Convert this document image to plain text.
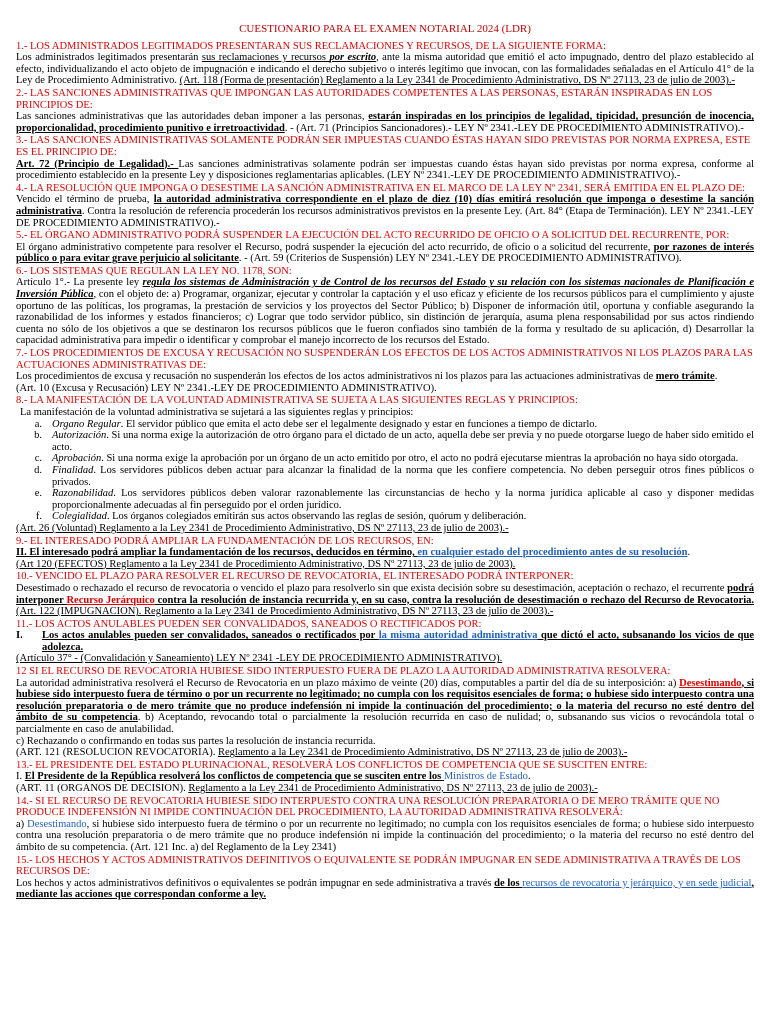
CUESTIONARIO PARA EL EXAMEN NOTARIAL 2024 (LDR)

1.- LOS ADMINISTRADOS LEGITIMADOS PRESENTARAN SUS RECLAMACIONES Y RECURSOS, DE LA SIGUIENTE FORMA:

Los administrados legitimados presentarán sus reclamaciones y recursos por escrito, ante la misma autoridad que emitió el acto impugnado, dentro del plazo establecido al efecto, individualizando el acto objeto de impugnación e indicando el derecho subjetivo o interés legítimo que invocan, con las formalidades señaladas en el Artículo 41° de la Ley de Procedimiento Administrativo. (Art. 118 (Forma de presentación) Reglamento a la Ley 2341 de Procedimiento Administrativo, DS Nº 27113, 23 de julio de 2003).-

2.- LAS SANCIONES ADMINISTRATIVAS QUE IMPONGAN LAS AUTORIDADES COMPETENTES A LAS PERSONAS, ESTARÁN INSPIRADAS EN LOS PRINCIPIOS DE:

Las sanciones administrativas que las autoridades deban imponer a las personas, estarán inspiradas en los principios de legalidad, tipicidad, presunción de inocencia, proporcionalidad, procedimiento punitivo e irretroactividad. - (Art. 71 (Principios Sancionadores).- LEY Nº 2341.-LEY DE PROCEDIMIENTO ADMINISTRATIVO).-

3.- LAS SANCIONES ADMINISTRATIVAS SOLAMENTE PODRÁN SER IMPUESTAS CUANDO ÉSTAS HAYAN SIDO PREVISTAS POR NORMA EXPRESA, ESTE ES EL PRINCIPIO DE:

Art. 72 (Principio de Legalidad).- Las sanciones administrativas solamente podrán ser impuestas cuando éstas hayan sido previstas por norma expresa, conforme al procedimiento establecido en la presente Ley y disposiciones reglamentarias aplicables. (LEY Nº 2341.-LEY DE PROCEDIMIENTO ADMINISTRATIVO).-

4.- LA RESOLUCIÓN QUE IMPONGA O DESESTIME LA SANCIÓN ADMINISTRATIVA EN EL MARCO DE LA LEY Nº 2341, SERÁ EMITIDA EN EL PLAZO DE:

Vencido el término de prueba, la autoridad administrativa correspondiente en el plazo de diez (10) días emitirá resolución que imponga o desestime la sanción administrativa. Contra la resolución de referencia procederán los recursos administrativos previstos en la presente Ley. (Art. 84° (Etapa de Terminación). LEY Nº 2341.-LEY DE PROCEDIMIENTO ADMINISTRATIVO).-

5.- EL ÓRGANO ADMINISTRATIVO PODRÁ SUSPENDER LA EJECUCIÓN DEL ACTO RECURRIDO DE OFICIO O A SOLICITUD DEL RECURRENTE, POR:

El órgano administrativo competente para resolver el Recurso, podrá suspender la ejecución del acto recurrido, de oficio o a solicitud del recurrente, por razones de interés público o para evitar grave perjuicio al solicitante. - (Art. 59 (Criterios de Suspensión) LEY Nº 2341.-LEY DE PROCEDIMIENTO ADMINISTRATIVO).

6.- LOS SISTEMAS QUE REGULAN LA LEY NO. 1178, SON:

Artículo 1°.- La presente ley regula los sistemas de Administración y de Control de los recursos del Estado y su relación con los sistemas nacionales de Planificación e Inversión Pública, con el objeto de: a) Programar, organizar, ejecutar y controlar la captación y el uso eficaz y eficiente de los recursos públicos para el cumplimiento y ajuste oportuno de las políticas, los programas, la prestación de servicios y los proyectos del Sector Público; b) Disponer de información útil, oportuna y confiable asegurando la razonabilidad de los informes y estados financieros; c) Lograr que todo servidor público, sin distinción de jerarquía, asuma plena responsabilidad por sus actos rindiendo cuenta no sólo de los objetivos a que se destinaron los recursos públicos que le fueron confiados sino también de la forma y resultado de su aplicación, d) Desarrollar la capacidad administrativa para impedir o identificar y comprobar el manejo incorrecto de los recursos del Estado.

7.- LOS PROCEDIMIENTOS DE EXCUSA Y RECUSACIÓN NO SUSPENDERÁN LOS EFECTOS DE LOS ACTOS ADMINISTRATIVOS NI LOS PLAZOS PARA LAS ACTUACIONES ADMINISTRATIVAS DE:

Los procedimientos de excusa y recusación no suspenderán los efectos de los actos administrativos ni los plazos para las actuaciones administrativas de mero trámite.

(Art. 10 (Excusa y Recusación) LEY Nº 2341.-LEY DE PROCEDIMIENTO ADMINISTRATIVO).

8.- LA MANIFESTACIÓN DE LA VOLUNTAD ADMINISTRATIVA SE SUJETA A LAS SIGUIENTES REGLAS Y PRINCIPIOS:

La manifestación de la voluntad administrativa se sujetará a las siguientes reglas y principios:

a. Organo Regular. El servidor público que emita el acto debe ser el legalmente designado y estar en funciones a tiempo de dictarlo.
b. Autorización. Si una norma exige la autorización de otro órgano para el dictado de un acto, aquella debe ser previa y no puede otorgarse luego de haber sido emitido el acto.
c. Aprobación. Si una norma exige la aprobación por un órgano de un acto emitido por otro, el acto no podrá ejecutarse mientras la aprobación no haya sido otorgada.
d. Finalidad. Los servidores públicos deben actuar para alcanzar la finalidad de la norma que les confiere competencia. No deben perseguir otros fines públicos o privados.
e. Razonabilidad. Los servidores públicos deben valorar razonablemente las circunstancias de hecho y la norma jurídica aplicable al caso y disponer medidas proporcionalmente adecuadas al fin perseguido por el orden jurídico.
f. Colegialidad. Los órganos colegiados emitirán sus actos observando las reglas de sesión, quórum y deliberación.

(Art. 26 (Voluntad) Reglamento a la Ley 2341 de Procedimiento Administrativo, DS Nº 27113, 23 de julio de 2003).-

9.- EL INTERESADO PODRÁ AMPLIAR LA FUNDAMENTACIÓN DE LOS RECURSOS, EN:

II. El interesado podrá ampliar la fundamentación de los recursos, deducidos en término, en cualquier estado del procedimiento antes de su resolución.

(Art 120 (EFECTOS) Reglamento a la Ley 2341 de Procedimiento Administrativo, DS Nº 27113, 23 de julio de 2003).

10.- VENCIDO EL PLAZO PARA RESOLVER EL RECURSO DE REVOCATORIA, EL INTERESADO PODRÁ INTERPONER:

Desestimado o rechazado el recurso de revocatoria o vencido el plazo para resolverlo sin que exista decisión sobre su desestimación, aceptación o rechazo, el recurrente podrá interponer Recurso Jerárquico contra la resolución de instancia recurrida y, en su caso, contra la resolución de desestimación o rechazo del Recurso de Revocatoria. (Art. 122 (IMPUGNACION). Reglamento a la Ley 2341 de Procedimiento Administrativo, DS Nº 27113, 23 de julio de 2003).-

11.- LOS ACTOS ANULABLES PUEDEN SER CONVALIDADOS, SANEADOS O RECTIFICADOS POR:

I.	Los actos anulables pueden ser convalidados, saneados o rectificados por la misma autoridad administrativa que dictó el acto, subsanando los vicios de que adolezca.

(Artículo 37° - (Convalidación y Saneamiento) LEY Nº 2341 -LEY DE PROCEDIMIENTO ADMINISTRATIVO).

12 SI EL RECURSO DE REVOCATORIA HUBIESE SIDO INTERPUESTO FUERA DE PLAZO LA AUTORIDAD ADMINISTRATIVA RESOLVERA:

La autoridad administrativa resolverá el Recurso de Revocatoria en un plazo máximo de veinte (20) días, computables a partir del día de su interposición: a) Desestimando, si hubiese sido interpuesto fuera de término o por un recurrente no legitimado; no cumpla con los requisitos esenciales de forma; o hubiese sido interpuesto contra una resolución preparatoria o de mero trámite que no produce indefensión ni impide la continuación del procedimiento; o la materia del recurso no esté dentro del ámbito de su competencia. b) Aceptando, revocando total o parcialmente la resolución recurrida en caso de nulidad; o, subsanando sus vicios o revocándola total o parcialmente en caso de anulabilidad.

c) Rechazando o confirmando en todas sus partes la resolución de instancia recurrida.

(ART. 121 (RESOLUCION REVOCATORIA). Reglamento a la Ley 2341 de Procedimiento Administrativo, DS Nº 27113, 23 de julio de 2003).-

13.- EL PRESIDENTE DEL ESTADO PLURINACIONAL, RESOLVERÁ LOS CONFLICTOS DE COMPETENCIA QUE SE SUSCITEN ENTRE:

I. El Presidente de la República resolverá los conflictos de competencia que se susciten entre los Ministros de Estado.

(ART. 11 (ORGANOS DE DECISION). Reglamento a la Ley 2341 de Procedimiento Administrativo, DS Nº 27113, 23 de julio de 2003).-

14.- SI EL RECURSO DE REVOCATORIA HUBIESE SIDO INTERPUESTO CONTRA UNA RESOLUCIÓN PREPARATORIA O DE MERO TRÁMITE QUE NO PRODUCE INDEFENSIÓN NI IMPIDE CONTINUACIÓN DEL PROCEDIMIENTO, LA AUTORIDAD ADMINISTRATIVA RESOLVERÁ:

a) Desestimando, si hubiese sido interpuesto fuera de término o por un recurrente no legitimado; no cumpla con los requisitos esenciales de forma; o hubiese sido interpuesto contra una resolución preparatoria o de mero trámite que no produce indefensión ni impide la continuación del procedimiento; o la materia del recurso no esté dentro del ámbito de su competencia. (Art. 121 Inc. a) del Reglamento de la Ley 2341)

15.- LOS HECHOS Y ACTOS ADMINISTRATIVOS DEFINITIVOS O EQUIVALENTE SE PODRÁN IMPUGNAR EN SEDE ADMINISTRATIVA A TRAVÉS DE LOS RECURSOS DE:

Los hechos y actos administrativos definitivos o equivalentes se podrán impugnar en sede administrativa a través de los recursos de revocatoria y jerárquico, y en sede judicial, mediante las acciones que correspondan conforme a ley.
